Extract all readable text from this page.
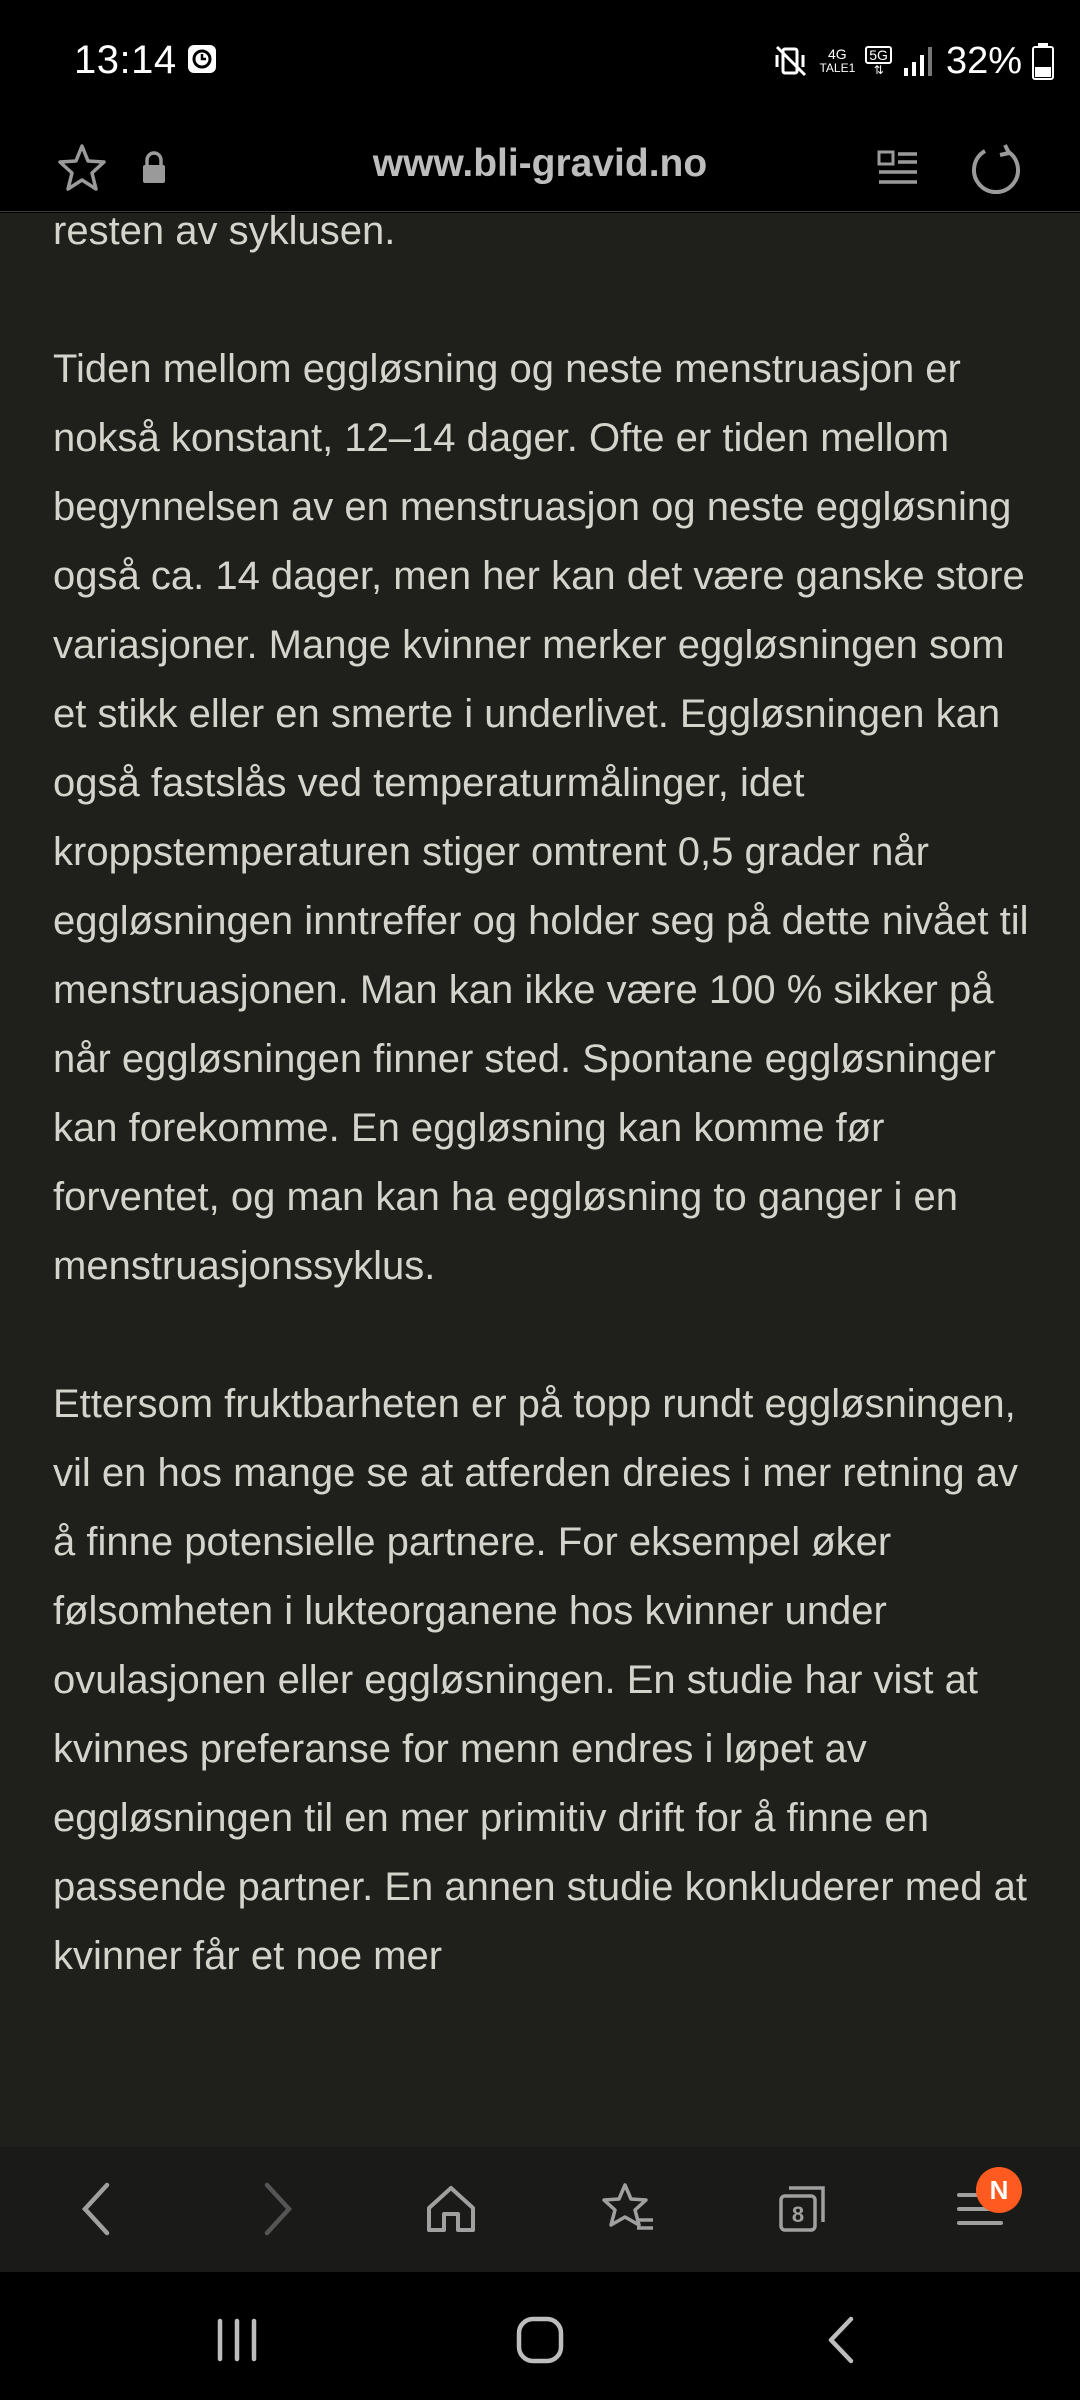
13:14	4G
TALE1
5G
⇅ 32%
www.bli-gravid.no

resten av syklusen.

Tiden mellom eggløsning og neste menstruasjon er nokså konstant, 12–14 dager. Ofte er tiden mellom begynnelsen av en menstruasjon og neste eggløsning også ca. 14 dager, men her kan det være ganske store variasjoner. Mange kvinner merker eggløsningen som et stikk eller en smerte i underlivet. Eggløsningen kan også fastslås ved temperaturmålinger, idet kroppstemperaturen stiger omtrent 0,5 grader når eggløsningen inntreffer og holder seg på dette nivået til menstruasjonen. Man kan ikke være 100 % sikker på når eggløsningen finner sted. Spontane eggløsninger kan forekomme. En eggløsning kan komme før forventet, og man kan ha eggløsning to ganger i en menstruasjonssyklus.

Ettersom fruktbarheten er på topp rundt eggløsningen, vil en hos mange se at atferden dreies i mer retning av å finne potensielle partnere. For eksempel øker følsomheten i lukteorganene hos kvinner under ovulasjonen eller eggløsningen. En studie har vist at kvinnes preferanse for menn endres i løpet av eggløsningen til en mer primitiv drift for å finne en passende partner. En annen studie konkluderer med at kvinner får et noe mer

8
N
